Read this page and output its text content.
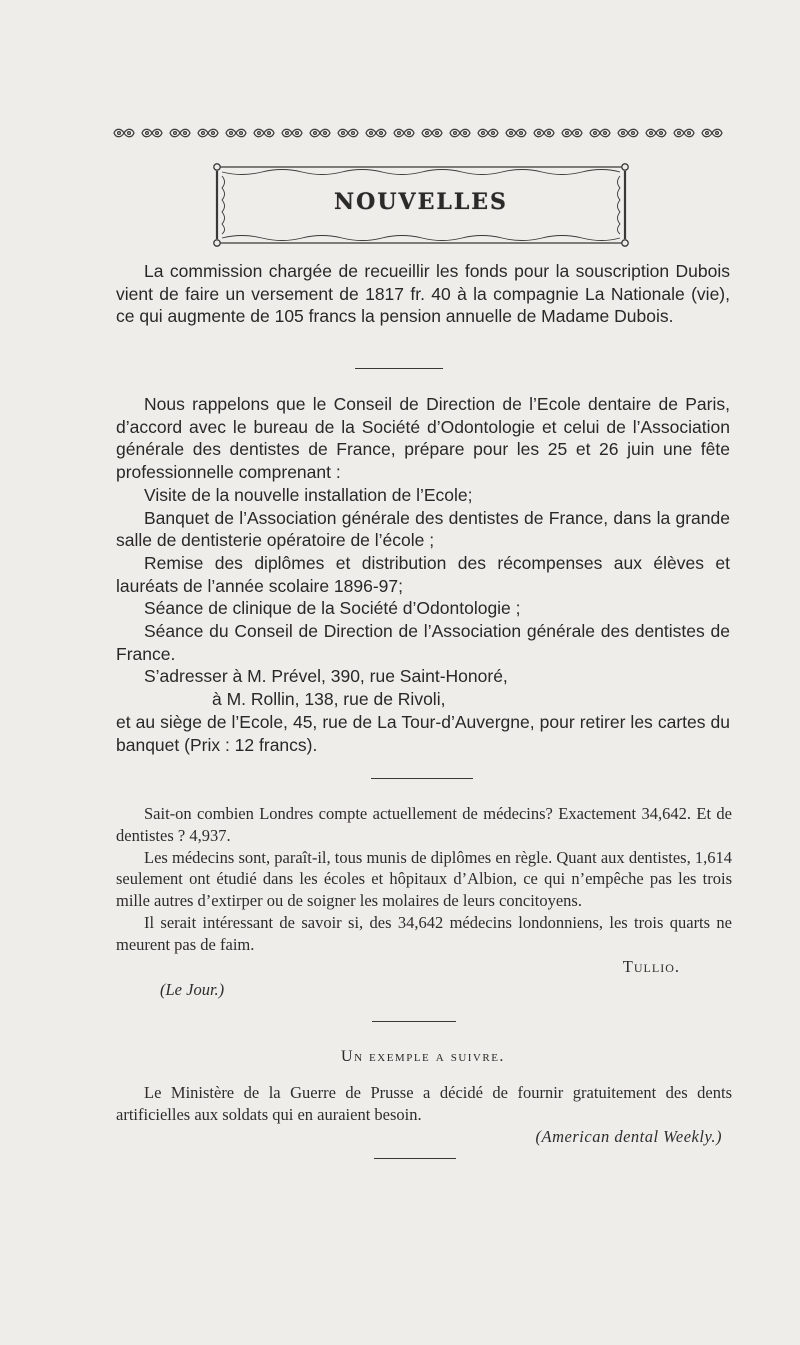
NOUVELLES

La commission chargée de recueillir les fonds pour la souscription Dubois vient de faire un versement de 1817 fr. 40 à la compagnie La Nationale (vie), ce qui augmente de 105 francs la pension annuelle de Madame Dubois.

Nous rappelons que le Conseil de Direction de l’Ecole dentaire de Paris, d’accord avec le bureau de la Société d’Odontologie et celui de l’Association générale des dentistes de France, prépare pour les 25 et 26 juin une fête professionnelle comprenant :

Visite de la nouvelle installation de l’Ecole;

Banquet de l’Association générale des dentistes de France, dans la grande salle de dentisterie opératoire de l’école ;

Remise des diplômes et distribution des récompenses aux élèves et lauréats de l’année scolaire 1896-97;

Séance de clinique de la Société d’Odontologie ;

Séance du Conseil de Direction de l’Association générale des dentistes de France.

S’adresser à M. Prével, 390, rue Saint-Honoré,

à M. Rollin, 138, rue de Rivoli,

et au siège de l’Ecole, 45, rue de La Tour-d’Auvergne, pour retirer les cartes du banquet (Prix : 12 francs).

Sait-on combien Londres compte actuellement de médecins? Exactement 34,642. Et de dentistes ? 4,937.

Les médecins sont, paraît-il, tous munis de diplômes en règle. Quant aux dentistes, 1,614 seulement ont étudié dans les écoles et hôpitaux d’Albion, ce qui n’empêche pas les trois mille autres d’extirper ou de soigner les molaires de leurs concitoyens.

Il serait intéressant de savoir si, des 34,642 médecins londonniens, les trois quarts ne meurent pas de faim.

Tullio.

(Le Jour.)

Un exemple a suivre.

Le Ministère de la Guerre de Prusse a décidé de fournir gratuitement des dents artificielles aux soldats qui en auraient besoin.

(American dental Weekly.)
